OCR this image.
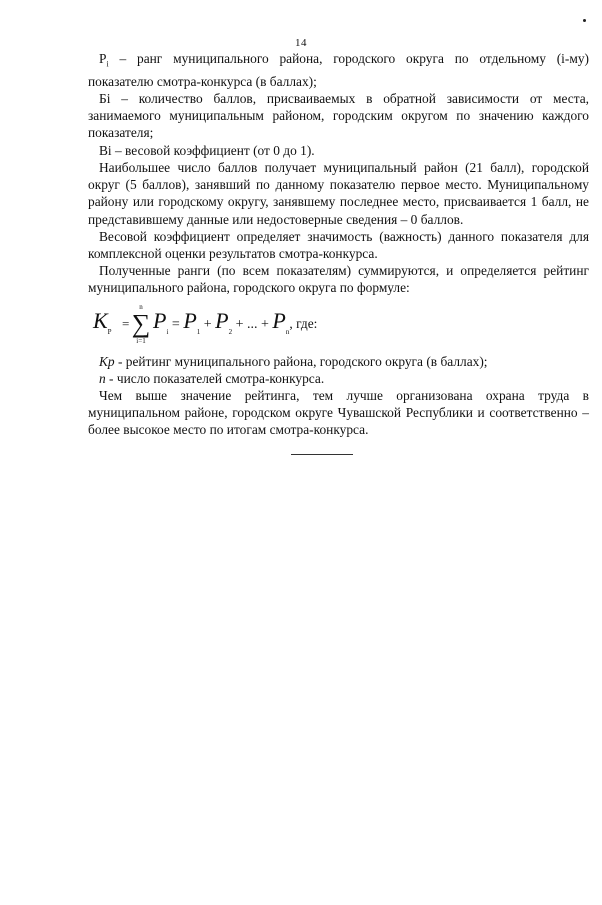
14

$P_i$ – ранг муниципального района, городского округа по отдельному (i-му) показателю смотра-конкурса (в баллах);

Бi – количество баллов, присваиваемых в обратной зависимости от места, занимаемого муниципальным районом, городским округом по значению каждого показателя;

Вi – весовой коэффициент (от 0 до 1).

Наибольшее число баллов получает муниципальный район (21 балл), городской округ (5 баллов), занявший по данному показателю первое место. Муниципальному району или городскому округу, занявшему последнее место, присваивается 1 балл, не представившему данные или недостоверные сведения – 0 баллов.

Весовой коэффициент определяет значимость (важность) данного показателя для комплексной оценки результатов смотра-конкурса.

Полученные ранги (по всем показателям) суммируются, и определяется рейтинг муниципального района, городского округа по формуле:

$К_Р$
=
n
∑
i=1
$P_i = P_1 + P_2$ + ... + $P_n$, где:

Кр - рейтинг муниципального района, городского округа (в баллах);

n - число показателей смотра-конкурса.

Чем выше значение рейтинга, тем лучше организована охрана труда в муниципальном районе, городском округе Чувашской Республики и соответственно – более высокое место по итогам смотра-конкурса.
